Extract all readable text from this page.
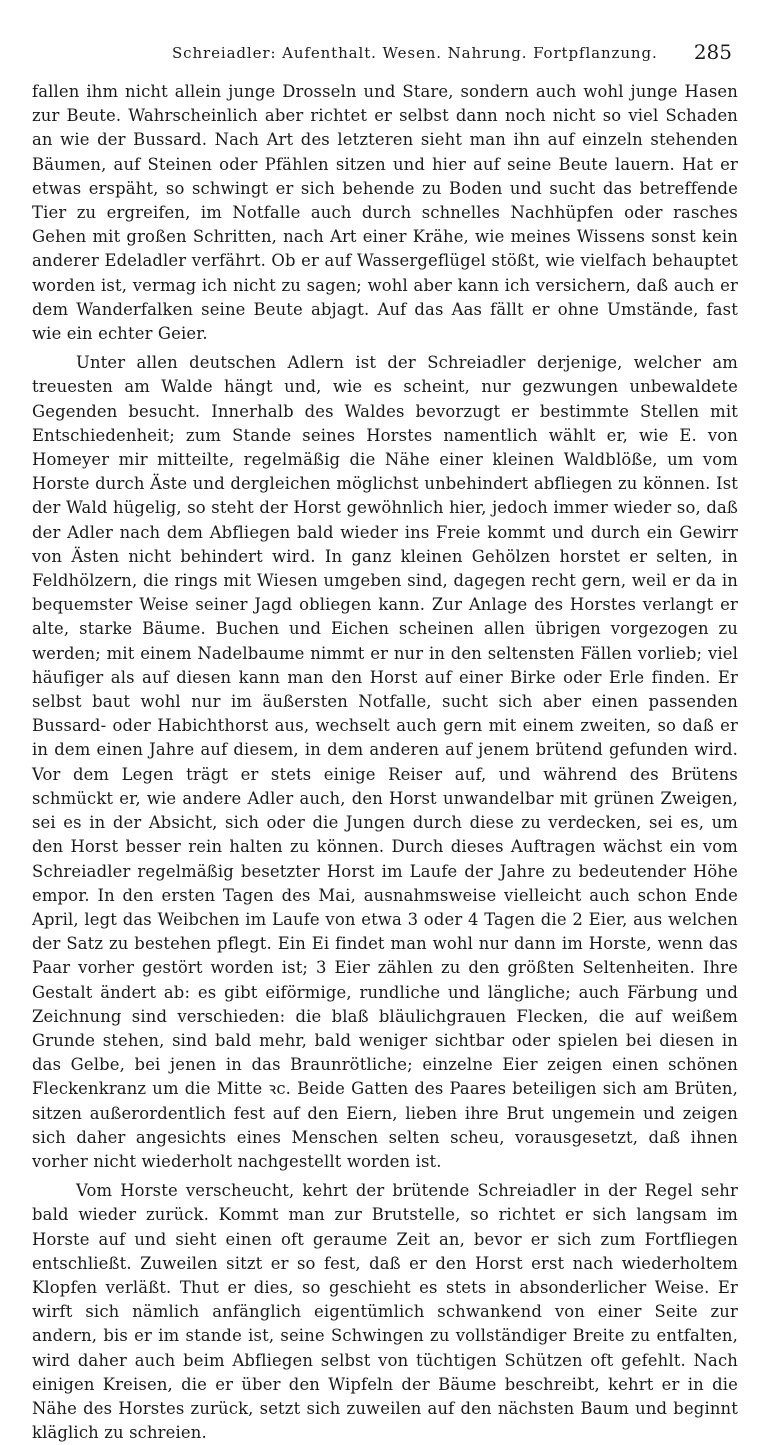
Schreiadler: Aufenthalt. Wesen. Nahrung. Fortpflanzung. 285

fallen ihm nicht allein junge Drosseln und Stare, sondern auch wohl junge Hasen zur Beute. Wahrscheinlich aber richtet er selbst dann noch nicht so viel Schaden an wie der Bussard. Nach Art des letzteren sieht man ihn auf einzeln stehenden Bäumen, auf Steinen oder Pfählen sitzen und hier auf seine Beute lauern. Hat er etwas erspäht, so schwingt er sich behende zu Boden und sucht das betreffende Tier zu ergreifen, im Notfalle auch durch schnelles Nachhüpfen oder rasches Gehen mit großen Schritten, nach Art einer Krähe, wie meines Wissens sonst kein anderer Edeladler verfährt. Ob er auf Wassergeflügel stößt, wie vielfach behauptet worden ist, vermag ich nicht zu sagen; wohl aber kann ich versichern, daß auch er dem Wanderfalken seine Beute abjagt. Auf das Aas fällt er ohne Umstände, fast wie ein echter Geier.

Unter allen deutschen Adlern ist der Schreiadler derjenige, welcher am treuesten am Walde hängt und, wie es scheint, nur gezwungen unbewaldete Gegenden besucht. Innerhalb des Waldes bevorzugt er bestimmte Stellen mit Entschiedenheit; zum Stande seines Horstes namentlich wählt er, wie E. von Homeyer mir mitteilte, regelmäßig die Nähe einer kleinen Waldblöße, um vom Horste durch Äste und dergleichen möglichst unbehindert abfliegen zu können. Ist der Wald hügelig, so steht der Horst gewöhnlich hier, jedoch immer wieder so, daß der Adler nach dem Abfliegen bald wieder ins Freie kommt und durch ein Gewirr von Ästen nicht behindert wird. In ganz kleinen Gehölzen horstet er selten, in Feldhölzern, die rings mit Wiesen umgeben sind, dagegen recht gern, weil er da in bequemster Weise seiner Jagd obliegen kann. Zur Anlage des Horstes verlangt er alte, starke Bäume. Buchen und Eichen scheinen allen übrigen vorgezogen zu werden; mit einem Nadelbaume nimmt er nur in den seltensten Fällen vorlieb; viel häufiger als auf diesen kann man den Horst auf einer Birke oder Erle finden. Er selbst baut wohl nur im äußersten Notfalle, sucht sich aber einen passenden Bussard- oder Habichthorst aus, wechselt auch gern mit einem zweiten, so daß er in dem einen Jahre auf diesem, in dem anderen auf jenem brütend gefunden wird. Vor dem Legen trägt er stets einige Reiser auf, und während des Brütens schmückt er, wie andere Adler auch, den Horst unwandelbar mit grünen Zweigen, sei es in der Absicht, sich oder die Jungen durch diese zu verdecken, sei es, um den Horst besser rein halten zu können. Durch dieses Auftragen wächst ein vom Schreiadler regelmäßig besetzter Horst im Laufe der Jahre zu bedeutender Höhe empor. In den ersten Tagen des Mai, ausnahmsweise vielleicht auch schon Ende April, legt das Weibchen im Laufe von etwa 3 oder 4 Tagen die 2 Eier, aus welchen der Satz zu bestehen pflegt. Ein Ei findet man wohl nur dann im Horste, wenn das Paar vorher gestört worden ist; 3 Eier zählen zu den größten Seltenheiten. Ihre Gestalt ändert ab: es gibt eiförmige, rundliche und längliche; auch Färbung und Zeichnung sind verschieden: die blaß bläulichgrauen Flecken, die auf weißem Grunde stehen, sind bald mehr, bald weniger sichtbar oder spielen bei diesen in das Gelbe, bei jenen in das Braunrötliche; einzelne Eier zeigen einen schönen Fleckenkranz um die Mitte ꝛc. Beide Gatten des Paares beteiligen sich am Brüten, sitzen außerordentlich fest auf den Eiern, lieben ihre Brut ungemein und zeigen sich daher angesichts eines Menschen selten scheu, vorausgesetzt, daß ihnen vorher nicht wiederholt nachgestellt worden ist.

Vom Horste verscheucht, kehrt der brütende Schreiadler in der Regel sehr bald wieder zurück. Kommt man zur Brutstelle, so richtet er sich langsam im Horste auf und sieht einen oft geraume Zeit an, bevor er sich zum Fortfliegen entschließt. Zuweilen sitzt er so fest, daß er den Horst erst nach wiederholtem Klopfen verläßt. Thut er dies, so geschieht es stets in absonderlicher Weise. Er wirft sich nämlich anfänglich eigentümlich schwankend von einer Seite zur andern, bis er im stande ist, seine Schwingen zu vollständiger Breite zu entfalten, wird daher auch beim Abfliegen selbst von tüchtigen Schützen oft gefehlt. Nach einigen Kreisen, die er über den Wipfeln der Bäume beschreibt, kehrt er in die Nähe des Horstes zurück, setzt sich zuweilen auf den nächsten Baum und beginnt kläglich zu schreien.
